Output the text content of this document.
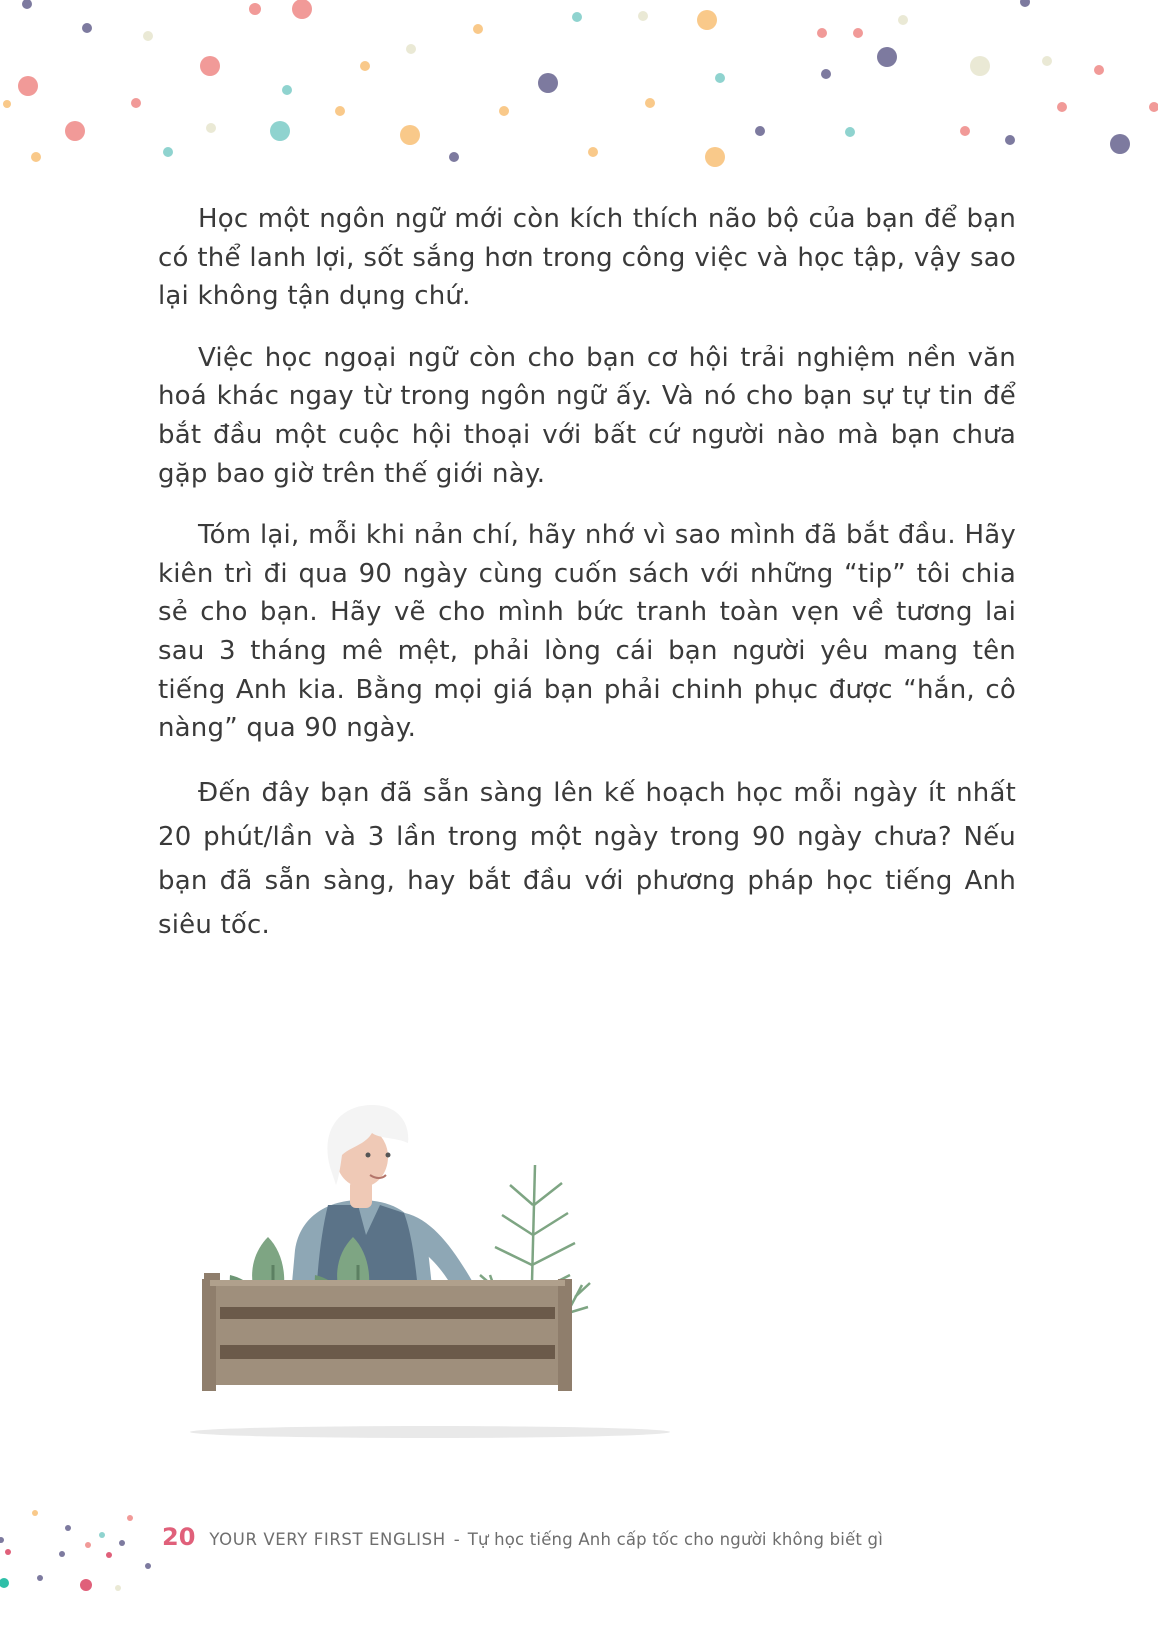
Học một ngôn ngữ mới còn kích thích não bộ của bạn để bạn có thể lanh lợi, sốt sắng hơn trong công việc và học tập, vậy sao lại không tận dụng chứ.

Việc học ngoại ngữ còn cho bạn cơ hội trải nghiệm nền văn hoá khác ngay từ trong ngôn ngữ ấy. Và nó cho bạn sự tự tin để bắt đầu một cuộc hội thoại với bất cứ người nào mà bạn chưa gặp bao giờ trên thế giới này.

Tóm lại, mỗi khi nản chí, hãy nhớ vì sao mình đã bắt đầu. Hãy kiên trì đi qua 90 ngày cùng cuốn sách với những “tip” tôi chia sẻ cho bạn. Hãy vẽ cho mình bức tranh toàn vẹn về tương lai sau 3 tháng mê mệt, phải lòng cái bạn người yêu mang tên tiếng Anh kia. Bằng mọi giá bạn phải chinh phục được “hắn, cô nàng” qua 90 ngày.

Đến đây bạn đã sẵn sàng lên kế hoạch học mỗi ngày ít nhất 20 phút/lần và 3 lần trong một ngày trong 90 ngày chưa? Nếu bạn đã sẵn sàng, hay bắt đầu với phương pháp học tiếng Anh siêu tốc.

20 YOUR VERY FIRST ENGLISH - Tự học tiếng Anh cấp tốc cho người không biết gì
